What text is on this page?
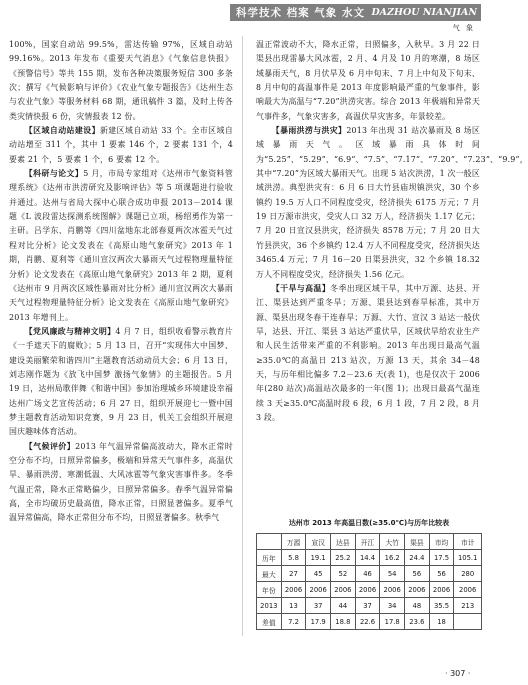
科学技术 档案 气象 水文 DAZHOU NIANJIAN
气 象

100%，国家自动站 99.5%，雷达传输 97%，区域自动站 99.16%。2013 年发布《重要天气消息》《气象信息快报》《预警信号》等共 155 期，发布各种决策服务短信 300 多条次；撰写《气候影响与评价》《农业气象专题报告》《达州生态与农业气象》等服务材料 68 期，通讯稿件 3 篇，及时上传各类灾情快报 6 份，灾情报表 12 份。

【区域自动站建设】新建区域自动站 33 个。全市区域自动站增至 311 个，其中 1 要素 146 个，2 要素 131 个，4 要素 21 个，5 要素 1 个，6 要素 12 个。

【科研与论文】5 月，市局专家组对《达州市气象资料管理系统》《达州市洪涝研究及影响评估》等 5 项课题进行验收并通过。达州与省局大探中心联合成功申报 2013－2014 课题《L 波段雷达探测系统图解》课题已立项，杨绍勇作为第一主研。吕学东、肖鹏等《四川盆地东北部春夏两次冰雹天气过程对比分析》论文发表在《高原山地气象研究》2013 年 1 期，肖鹏、夏利等《通川宣汉两次大暴雨天气过程物理量特征分析》论文发表在《高原山地气象研究》2013 年 2 期，夏利《达州市 9 月两次区域性暴雨对比分析》通川宣汉两次大暴雨天气过程物理量特征分析》论文发表在《高原山地气象研究》2013 年增刊上。

【党风廉政与精神文明】4 月 7 日，组织收看警示教育片《一手遮天下的腐败》；5 月 13 日，召开“实现伟大中国梦、建设美丽繁荣和谐四川”主题教育活动动员大会；6 月 13 日，刘志刚作题为《放飞中国梦 激扬气象情》的主题报告。5 月 19 日，达州局歌伴舞《和谐中国》参加治理城乡环境建设幸福达州广场文艺宣传活动；6 月 27 日，组织开展迎七一暨中国梦主题教育活动知识竞赛，9 月 23 日，机关工会组织开展迎国庆趣味体育活动。

【气候评价】2013 年气温异常偏高波动大，降水正常时空分布不均，日照异常偏多，极端和异常天气事件多，高温伏旱、暴雨洪涝、寒潮低温、大风冰雹等气象灾害事件多。冬季气温正常，降水正常略偏少，日照异常偏多。春季气温异常偏高，全市均破历史最高值，降水正常，日照显著偏多。夏季气温异常偏高，降水正常但分布不均，日照显著偏多。秋季气

温正常波动不大，降水正常，日照偏多，入秋早。3 月 22 日渠县出现雷暴大风冰雹，2 月、4 月及 10 月的寒潮，8 场区域暴雨天气，8 月伏旱及 6 月中旬末、7 月上中旬及下旬末、8 月中旬的高温事件是 2013 年度影响最严重的气象事件，影响最大为高温与“7.20”洪涝灾害。综合 2013 年极端和异常天气事件多，气象灾害多，高温伏旱灾害多，年景较差。

【暴雨洪涝与洪灾】2013 年出现 31 站次暴雨及 8 场区域暴雨天气。区域暴雨具体时间为“5.25”、“5.29”、“6.9”、“7.5”、“7.17”、“7.20”、“7.23”、“9.9”，其中“7.20”为区域大暴雨天气。出现 5 站次洪涝，1 次一般区域洪涝。典型洪灾有：6 月 6 日大竹县庙坝镇洪灾，30 个乡镇约 19.5 万人口不同程度受灾，经济损失 6175 万元；7 月 19 日万源市洪灾，受灾人口 32 万人，经济损失 1.17 亿元；7 月 20 日宣汉县洪灾，经济损失 8578 万元；7 月 20 日大竹县洪灾，36 个乡镇约 12.4 万人不同程度受灾，经济损失达 3465.4 万元；7 月 16－20 日渠县洪灾，32 个乡镇 18.32 万人不同程度受灾，经济损失 1.56 亿元。

【干旱与高温】冬季出现区域干旱，其中万源、达县、开江、渠县达到严重冬旱；万源、渠县达到春旱标准，其中万源、渠县出现冬春干连春旱；万源、大竹、宣汉 3 站达一般伏旱，达县、开江、渠县 3 站达严重伏旱，区域伏旱给农业生产和人民生活带来严重的不利影响。2013 年出现日最高气温≥35.0℃的高温日 213 站次，万源 13 天，其余 34－48 天，与历年相比偏多 7.2－23.6 天(表 1)，也是仅次于 2006 年(280 站次)高温站次最多的一年(图 1)；出现日最高气温连续 3 天≥35.0℃高温时段 6 段，6 月 1 段，7 月 2 段，8 月 3 段。

达州市 2013 年高温日数(≥35.0℃)与历年比较表
	万源	宣汉	达县	开江	大竹	渠县	市均	市计
历年	5.8	19.1	25.2	14.4	16.2	24.4	17.5	105.1
最大	27	45	52	46	54	56	56	280
年份	2006	2006	2006	2006	2006	2006	2006	2006
2013	13	37	44	37	34	48	35.5	213
差值	7.2	17.9	18.8	22.6	17.8	23.6	18	
· 307 ·
